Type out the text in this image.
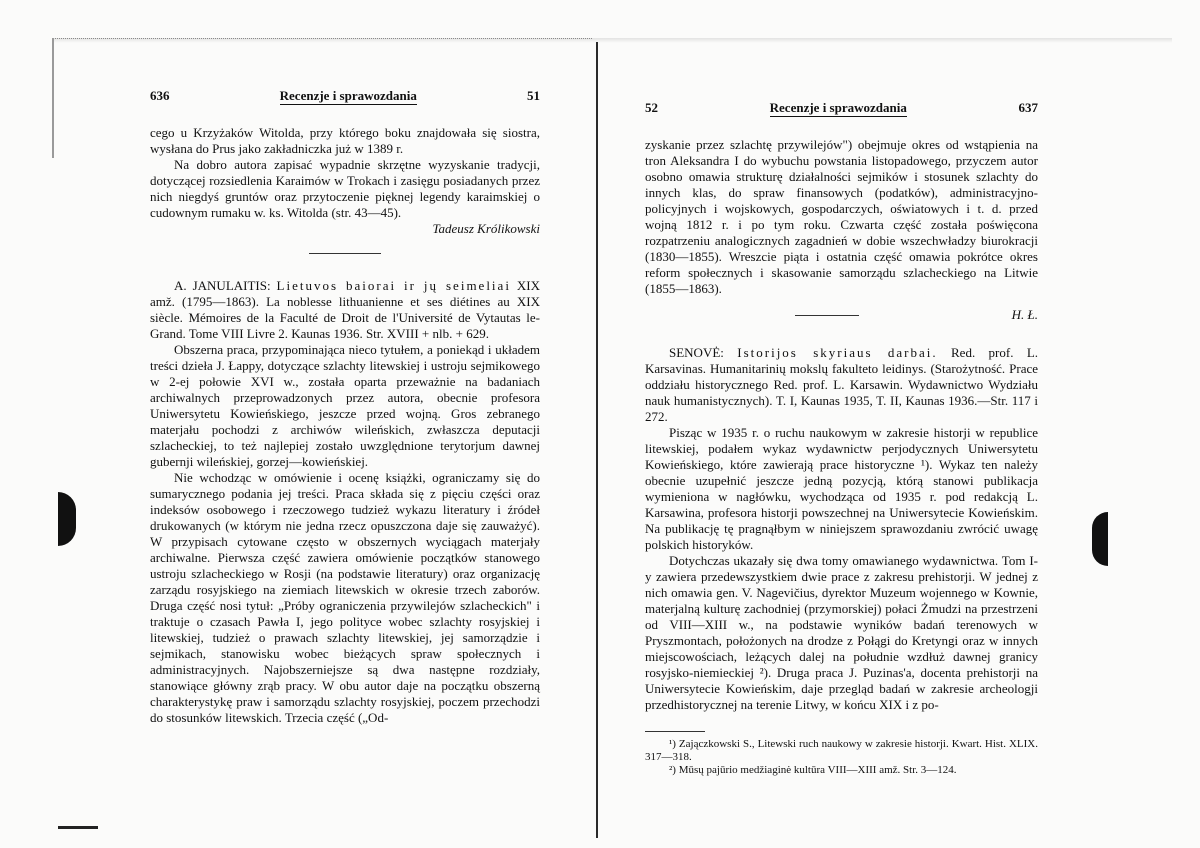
636	Recenzje i sprawozdania	51

cego u Krzyżaków Witolda, przy którego boku znajdowała się siostra, wysłana do Prus jako zakładniczka już w 1389 r.

Na dobro autora zapisać wypadnie skrzętne wyzyskanie tradycji, dotyczącej rozsiedlenia Karaimów w Trokach i zasięgu posiadanych przez nich niegdyś gruntów oraz przytoczenie pięknej legendy karaimskiej o cudownym rumaku w. ks. Witolda (str. 43—45).

Tadeusz Królikowski

A. JANULAITIS: Lietuvos baiorai ir jų seimeliai XIX amž. (1795—1863). La noblesse lithuanienne et ses diétines au XIX siècle. Mémoires de la Faculté de Droit de l'Université de Vytautas le-Grand. Tome VIII Livre 2. Kaunas 1936. Str. XVIII + nlb. + 629.

Obszerna praca, przypominająca nieco tytułem, a poniekąd i układem treści dzieła J. Łappy, dotyczące szlachty litewskiej i ustroju sejmikowego w 2-ej połowie XVI w., została oparta przeważnie na badaniach archiwalnych przeprowadzonych przez autora, obecnie profesora Uniwersytetu Kowieńskiego, jeszcze przed wojną. Gros zebranego materjału pochodzi z archiwów wileńskich, zwłaszcza deputacji szlacheckiej, to też najlepiej zostało uwzględnione terytorjum dawnej gubernji wileńskiej, gorzej—kowieńskiej.

Nie wchodząc w omówienie i ocenę książki, ograniczamy się do sumarycznego podania jej treści. Praca składa się z pięciu części oraz indeksów osobowego i rzeczowego tudzież wykazu literatury i źródeł drukowanych (w którym nie jedna rzecz opuszczona daje się zauważyć). W przypisach cytowane często w obszernych wyciągach materjały archiwalne. Pierwsza część zawiera omówienie początków stanowego ustroju szlacheckiego w Rosji (na podstawie literatury) oraz organizację zarządu rosyjskiego na ziemiach litewskich w okresie trzech zaborów. Druga część nosi tytuł: „Próby ograniczenia przywilejów szlacheckich" i traktuje o czasach Pawła I, jego polityce wobec szlachty rosyjskiej i litewskiej, tudzież o prawach szlachty litewskiej, jej samorządzie i sejmikach, stanowisku wobec bieżących spraw społecznych i administracyjnych. Najobszerniejsze są dwa następne rozdziały, stanowiące główny zrąb pracy. W obu autor daje na początku obszerną charakterystykę praw i samorządu szlachty rosyjskiej, poczem przechodzi do stosunków litewskich. Trzecia część („Od-

52	Recenzje i sprawozdania	637

zyskanie przez szlachtę przywilejów") obejmuje okres od wstąpienia na tron Aleksandra I do wybuchu powstania listopadowego, przyczem autor osobno omawia strukturę działalności sejmików i stosunek szlachty do innych klas, do spraw finansowych (podatków), administracyjno-policyjnych i wojskowych, gospodarczych, oświatowych i t. d. przed wojną 1812 r. i po tym roku. Czwarta część została poświęcona rozpatrzeniu analogicznych zagadnień w dobie wszechwładzy biurokracji (1830—1855). Wreszcie piąta i ostatnia część omawia pokrótce okres reform społecznych i skasowanie samorządu szlacheckiego na Litwie (1855—1863).

H. Ł.

SENOVĖ: Istorijos skyriaus darbai. Red. prof. L. Karsavinas. Humanitarinių mokslų fakulteto leidinys. (Starożytność. Prace oddziału historycznego Red. prof. L. Karsawin. Wydawnictwo Wydziału nauk humanistycznych). T. I, Kaunas 1935, T. II, Kaunas 1936.—Str. 117 i 272.

Pisząc w 1935 r. o ruchu naukowym w zakresie historji w republice litewskiej, podałem wykaz wydawnictw perjodycznych Uniwersytetu Kowieńskiego, które zawierają prace historyczne ¹). Wykaz ten należy obecnie uzupełnić jeszcze jedną pozycją, którą stanowi publikacja wymieniona w nagłówku, wychodząca od 1935 r. pod redakcją L. Karsawina, profesora historji powszechnej na Uniwersytecie Kowieńskim. Na publikację tę pragnąłbym w niniejszem sprawozdaniu zwrócić uwagę polskich historyków.

Dotychczas ukazały się dwa tomy omawianego wydawnictwa. Tom I-y zawiera przedewszystkiem dwie prace z zakresu prehistorji. W jednej z nich omawia gen. V. Nagevičius, dyrektor Muzeum wojennego w Kownie, materjalną kulturę zachodniej (przymorskiej) połaci Żmudzi na przestrzeni od VIII—XIII w., na podstawie wyników badań terenowych w Pryszmontach, położonych na drodze z Połągi do Kretyngi oraz w innych miejscowościach, leżących dalej na południe wzdłuż dawnej granicy rosyjsko-niemieckiej ²). Druga praca J. Puzinas'a, docenta prehistorji na Uniwersytecie Kowieńskim, daje przegląd badań w zakresie archeologji przedhistorycznej na terenie Litwy, w końcu XIX i z po-

¹) Zajączkowski S., Litewski ruch naukowy w zakresie historji. Kwart. Hist. XLIX. 317—318.

²) Mūsų pajūrio medžiaginė kultūra VIII—XIII amž. Str. 3—124.
